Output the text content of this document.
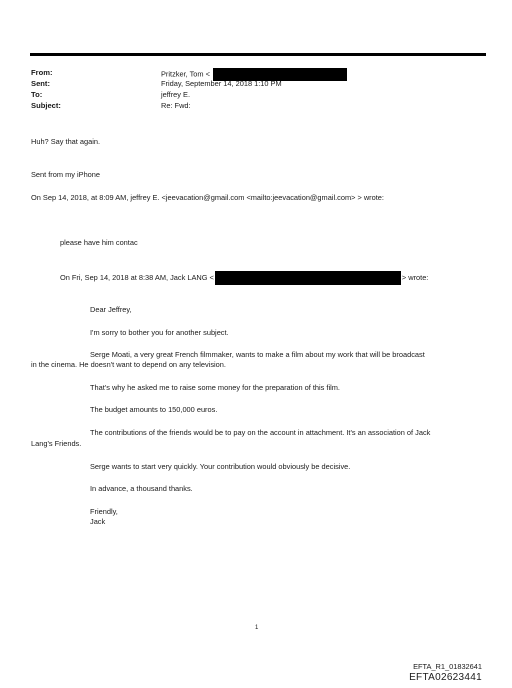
From:
Sent:
To:
Subject:
Pritzker, Tom <
Friday, September 14, 2018 1:10 PM
jeffrey E.
Re: Fwd:
Huh? Say that again.
Sent from my iPhone
On Sep 14, 2018, at 8:09 AM, jeffrey E. <jeevacation@gmail.com <mailto:jeevacation@gmail.com> > wrote:
please have him contac
On Fri, Sep 14, 2018 at 8:38 AM, Jack LANG <	> wrote:
Dear Jeffrey,
I'm sorry to bother you for another subject.
Serge Moati, a very great French filmmaker, wants to make a film about my work that will be broadcast
in the cinema. He doesn't want to depend on any television.
That's why he asked me to raise some money for the preparation of this film.
The budget amounts to 150,000 euros.
The contributions of the friends would be to pay on the account in attachment. It's an association of Jack
Lang's Friends.
Serge wants to start very quickly. Your contribution would obviously be decisive.
In advance, a thousand thanks.
Friendly,
Jack
1
EFTA_R1_01832641
EFTA02623441
